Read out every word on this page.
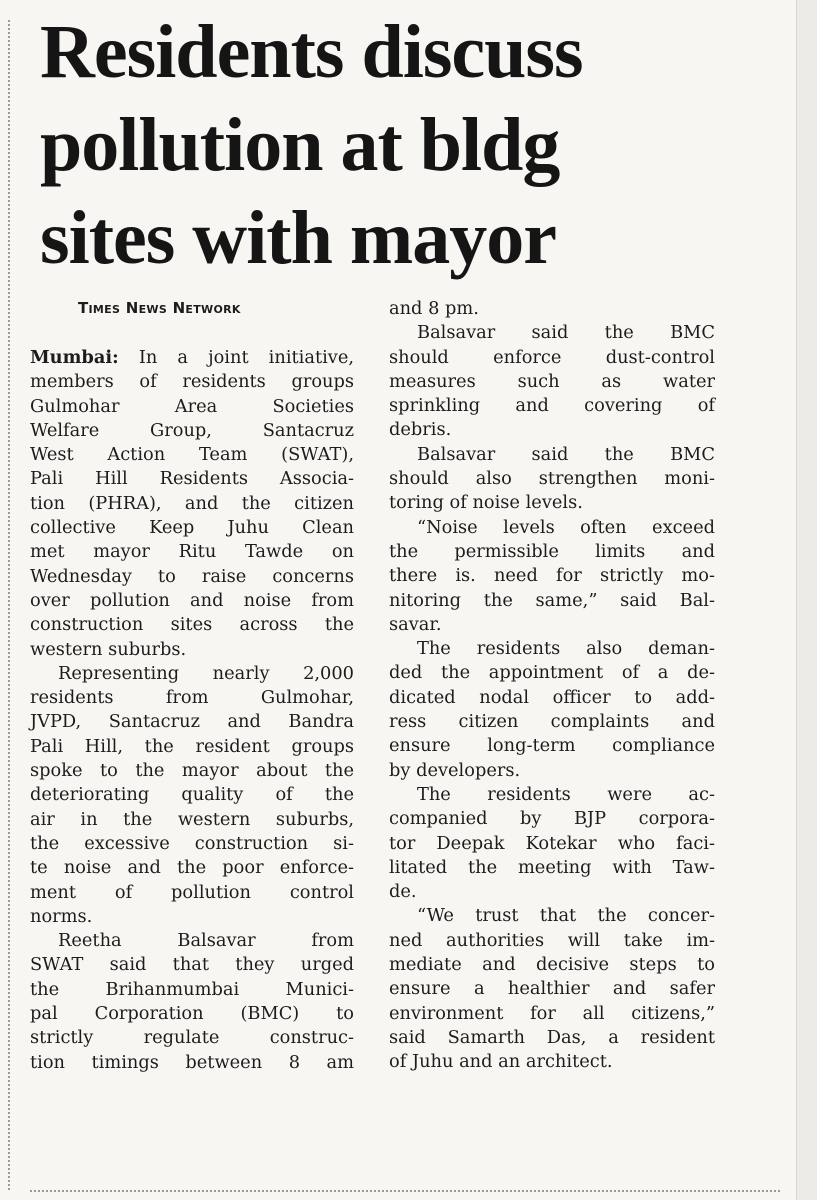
Residents discuss
pollution at bldg
sites with mayor
Times News Network
Mumbai: In a joint initiative,
members of residents groups
Gulmohar Area Societies
Welfare Group, Santacruz
West Action Team (SWAT),
Pali Hill Residents Associa-
tion (PHRA), and the citizen
collective Keep Juhu Clean
met mayor Ritu Tawde on
Wednesday to raise concerns
over pollution and noise from
construction sites across the
western suburbs.
Representing nearly 2,000
residents from Gulmohar,
JVPD, Santacruz and Bandra
Pali Hill, the resident groups
spoke to the mayor about the
deteriorating quality of the
air in the western suburbs,
the excessive construction si-
te noise and the poor enforce-
ment of pollution control
norms.
Reetha Balsavar from
SWAT said that they urged
the Brihanmumbai Munici-
pal Corporation (BMC) to
strictly regulate construc-
tion timings between 8 am
and 8 pm.
Balsavar said the BMC
should enforce dust-control
measures such as water
sprinkling and covering of
debris.
Balsavar said the BMC
should also strengthen moni-
toring of noise levels.
“Noise levels often exceed
the permissible limits and
there is. need for strictly mo-
nitoring the same,” said Bal-
savar.
The residents also deman-
ded the appointment of a de-
dicated nodal officer to add-
ress citizen complaints and
ensure long-term compliance
by developers.
The residents were ac-
companied by BJP corpora-
tor Deepak Kotekar who faci-
litated the meeting with Taw-
de.
“We trust that the concer-
ned authorities will take im-
mediate and decisive steps to
ensure a healthier and safer
environment for all citizens,”
said Samarth Das, a resident
of Juhu and an architect.
